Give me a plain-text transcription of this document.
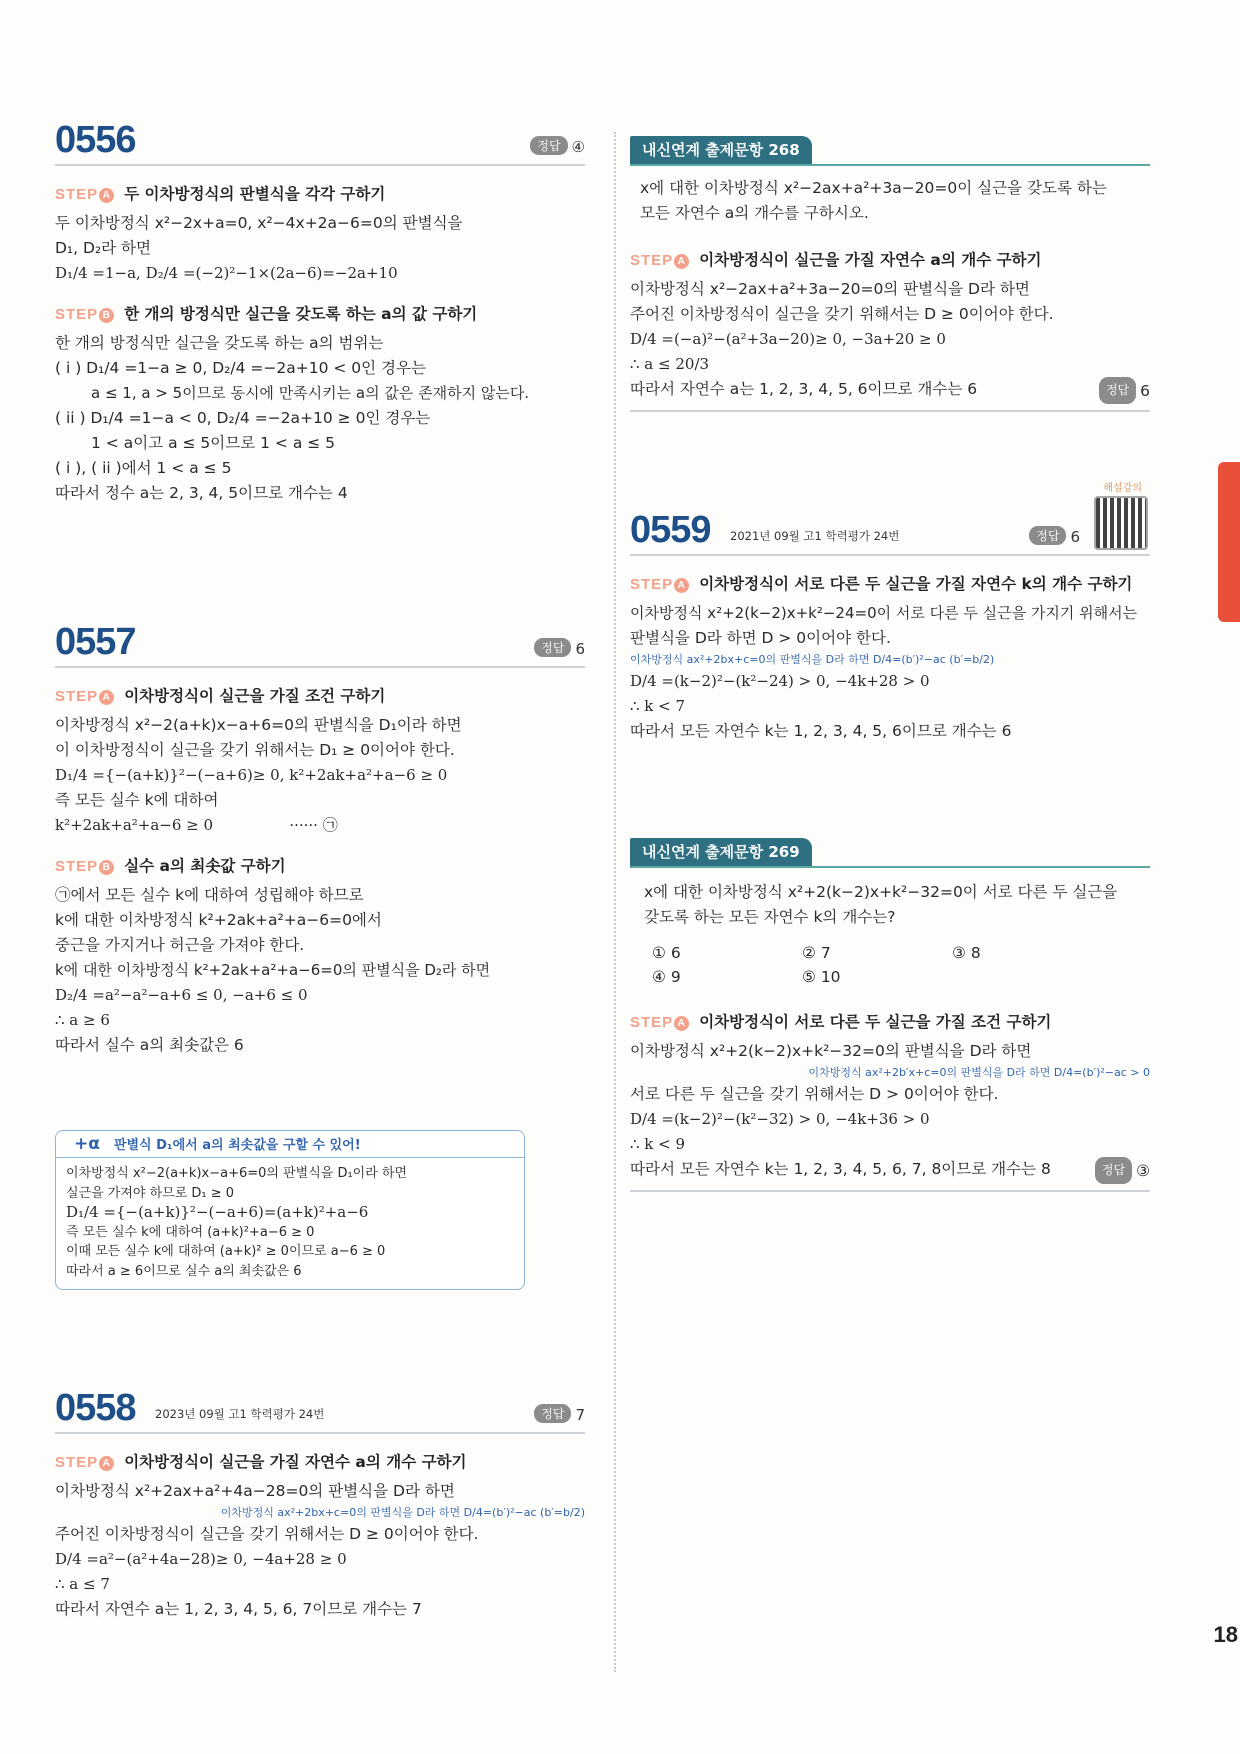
0556	정답 ④
STEP A 두 이차방정식의 판별식을 각각 구하기
두 이차방정식 x²−2x+a=0, x²−4x+2a−6=0의 판별식을
D₁, D₂라 하면
D₁/4 =1−a, D₂/4 =(−2)²−1×(2a−6)=−2a+10
STEP B 한 개의 방정식만 실근을 갖도록 하는 a의 값 구하기
한 개의 방정식만 실근을 갖도록 하는 a의 범위는
( i ) D₁/4 =1−a ≥ 0, D₂/4 =−2a+10 < 0인 경우는
a ≤ 1, a > 5이므로 동시에 만족시키는 a의 값은 존재하지 않는다.
( ii ) D₁/4 =1−a < 0, D₂/4 =−2a+10 ≥ 0인 경우는
1 < a이고 a ≤ 5이므로 1 < a ≤ 5
( i ), ( ii )에서 1 < a ≤ 5
따라서 정수 a는 2, 3, 4, 5이므로 개수는 4
0557	정답 6
STEP A 이차방정식이 실근을 가질 조건 구하기
이차방정식 x²−2(a+k)x−a+6=0의 판별식을 D₁이라 하면
이 이차방정식이 실근을 갖기 위해서는 D₁ ≥ 0이어야 한다.
D₁/4 ={−(a+k)}²−(−a+6)≥ 0, k²+2ak+a²+a−6 ≥ 0
즉 모든 실수 k에 대하여
k²+2ak+a²+a−6 ≥ 0                ······ ㉠
STEP B 실수 a의 최솟값 구하기
㉠에서 모든 실수 k에 대하여 성립해야 하므로
k에 대한 이차방정식 k²+2ak+a²+a−6=0에서
중근을 가지거나 허근을 가져야 한다.
k에 대한 이차방정식 k²+2ak+a²+a−6=0의 판별식을 D₂라 하면
D₂/4 =a²−a²−a+6 ≤ 0, −a+6 ≤ 0
∴ a ≥ 6
따라서 실수 a의 최솟값은 6
+α 판별식 D₁에서 a의 최솟값을 구할 수 있어!
이차방정식 x²−2(a+k)x−a+6=0의 판별식을 D₁이라 하면
실근을 가져야 하므로 D₁ ≥ 0
D₁/4 ={−(a+k)}²−(−a+6)=(a+k)²+a−6
즉 모든 실수 k에 대하여 (a+k)²+a−6 ≥ 0
이때 모든 실수 k에 대하여 (a+k)² ≥ 0이므로 a−6 ≥ 0
따라서 a ≥ 6이므로 실수 a의 최솟값은 6
0558 2023년 09월 고1 학력평가 24번	정답 7
STEP A 이차방정식이 실근을 가질 자연수 a의 개수 구하기
이차방정식 x²+2ax+a²+4a−28=0의 판별식을 D라 하면
이차방정식 ax²+2bx+c=0의 판별식을 D라 하면 D/4=(b′)²−ac (b′=b/2)
주어진 이차방정식이 실근을 갖기 위해서는 D ≥ 0이어야 한다.
D/4 =a²−(a²+4a−28)≥ 0, −4a+28 ≥ 0
∴ a ≤ 7
따라서 자연수 a는 1, 2, 3, 4, 5, 6, 7이므로 개수는 7
내신연계 출제문항 268
x에 대한 이차방정식 x²−2ax+a²+3a−20=0이 실근을 갖도록 하는
모든 자연수 a의 개수를 구하시오.
STEP A 이차방정식이 실근을 가질 자연수 a의 개수 구하기
이차방정식 x²−2ax+a²+3a−20=0의 판별식을 D라 하면
주어진 이차방정식이 실근을 갖기 위해서는 D ≥ 0이어야 한다.
D/4 =(−a)²−(a²+3a−20)≥ 0, −3a+20 ≥ 0
∴ a ≤ 20/3
따라서 자연수 a는 1, 2, 3, 4, 5, 6이므로 개수는 6	정답 6
0559 2021년 09월 고1 학력평가 24번	정답 6
해설강의
STEP A 이차방정식이 서로 다른 두 실근을 가질 자연수 k의 개수 구하기
이차방정식 x²+2(k−2)x+k²−24=0이 서로 다른 두 실근을 가지기 위해서는
판별식을 D라 하면 D > 0이어야 한다.
이차방정식 ax²+2bx+c=0의 판별식을 D라 하면 D/4=(b′)²−ac (b′=b/2)
D/4 =(k−2)²−(k²−24) > 0, −4k+28 > 0
∴ k < 7
따라서 모든 자연수 k는 1, 2, 3, 4, 5, 6이므로 개수는 6
내신연계 출제문항 269
x에 대한 이차방정식 x²+2(k−2)x+k²−32=0이 서로 다른 두 실근을
갖도록 하는 모든 자연수 k의 개수는?
① 6	② 7	③ 8
④ 9	⑤ 10
STEP A 이차방정식이 서로 다른 두 실근을 가질 조건 구하기
이차방정식 x²+2(k−2)x+k²−32=0의 판별식을 D라 하면
이차방정식 ax²+2b′x+c=0의 판별식을 D라 하면 D/4=(b′)²−ac > 0
서로 다른 두 실근을 갖기 위해서는 D > 0이어야 한다.
D/4 =(k−2)²−(k²−32) > 0, −4k+36 > 0
∴ k < 9
따라서 모든 자연수 k는 1, 2, 3, 4, 5, 6, 7, 8이므로 개수는 8	정답 ③
18
